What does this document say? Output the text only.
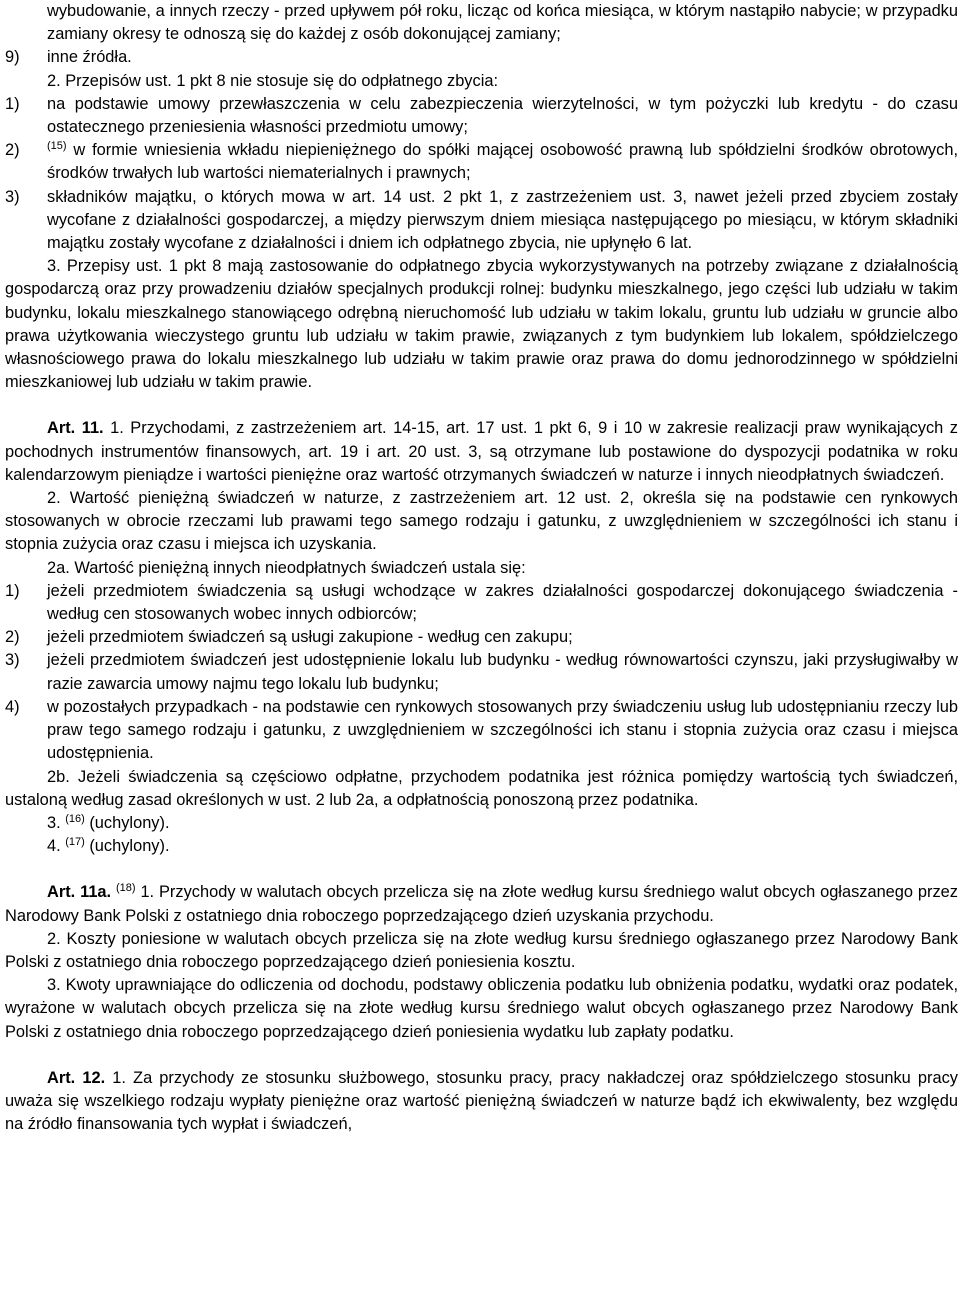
wybudowanie, a innych rzeczy - przed upływem pół roku, licząc od końca miesiąca, w którym nastąpiło nabycie; w przypadku zamiany okresy te odnoszą się do każdej z osób dokonującej zamiany;

9)	inne źródła.

2. Przepisów ust. 1 pkt 8 nie stosuje się do odpłatnego zbycia:

1)	na podstawie umowy przewłaszczenia w celu zabezpieczenia wierzytelności, w tym pożyczki lub kredytu - do czasu ostatecznego przeniesienia własności przedmiotu umowy;
2)	$^{(15)}$ w formie wniesienia wkładu niepieniężnego do spółki mającej osobowość prawną lub spółdzielni środków obrotowych, środków trwałych lub wartości niematerialnych i prawnych;
3)	składników majątku, o których mowa w art. 14 ust. 2 pkt 1, z zastrzeżeniem ust. 3, nawet jeżeli przed zbyciem zostały wycofane z działalności gospodarczej, a między pierwszym dniem miesiąca następującego po miesiącu, w którym składniki majątku zostały wycofane z działalności i dniem ich odpłatnego zbycia, nie upłynęło 6 lat.

3. Przepisy ust. 1 pkt 8 mają zastosowanie do odpłatnego zbycia wykorzystywanych na potrzeby związane z działalnością gospodarczą oraz przy prowadzeniu działów specjalnych produkcji rolnej: budynku mieszkalnego, jego części lub udziału w takim budynku, lokalu mieszkalnego stanowiącego odrębną nieruchomość lub udziału w takim lokalu, gruntu lub udziału w gruncie albo prawa użytkowania wieczystego gruntu lub udziału w takim prawie, związanych z tym budynkiem lub lokalem, spółdzielczego własnościowego prawa do lokalu mieszkalnego lub udziału w takim prawie oraz prawa do domu jednorodzinnego w spółdzielni mieszkaniowej lub udziału w takim prawie.

Art. 11. 1. Przychodami, z zastrzeżeniem art. 14-15, art. 17 ust. 1 pkt 6, 9 i 10 w zakresie realizacji praw wynikających z pochodnych instrumentów finansowych, art. 19 i art. 20 ust. 3, są otrzymane lub postawione do dyspozycji podatnika w roku kalendarzowym pieniądze i wartości pieniężne oraz wartość otrzymanych świadczeń w naturze i innych nieodpłatnych świadczeń.

2. Wartość pieniężną świadczeń w naturze, z zastrzeżeniem art. 12 ust. 2, określa się na podstawie cen rynkowych stosowanych w obrocie rzeczami lub prawami tego samego rodzaju i gatunku, z uwzględnieniem w szczególności ich stanu i stopnia zużycia oraz czasu i miejsca ich uzyskania.

2a. Wartość pieniężną innych nieodpłatnych świadczeń ustala się:

1)	jeżeli przedmiotem świadczenia są usługi wchodzące w zakres działalności gospodarczej dokonującego świadczenia - według cen stosowanych wobec innych odbiorców;
2)	jeżeli przedmiotem świadczeń są usługi zakupione - według cen zakupu;
3)	jeżeli przedmiotem świadczeń jest udostępnienie lokalu lub budynku - według równowartości czynszu, jaki przysługiwałby w razie zawarcia umowy najmu tego lokalu lub budynku;
4)	w pozostałych przypadkach - na podstawie cen rynkowych stosowanych przy świadczeniu usług lub udostępnianiu rzeczy lub praw tego samego rodzaju i gatunku, z uwzględnieniem w szczególności ich stanu i stopnia zużycia oraz czasu i miejsca udostępnienia.

2b. Jeżeli świadczenia są częściowo odpłatne, przychodem podatnika jest różnica pomiędzy wartością tych świadczeń, ustaloną według zasad określonych w ust. 2 lub 2a, a odpłatnością ponoszoną przez podatnika.

3. $^{(16)}$ (uchylony).

4. $^{(17)}$ (uchylony).

Art. 11a. $^{(18)}$ 1. Przychody w walutach obcych przelicza się na złote według kursu średniego walut obcych ogłaszanego przez Narodowy Bank Polski z ostatniego dnia roboczego poprzedzającego dzień uzyskania przychodu.

2. Koszty poniesione w walutach obcych przelicza się na złote według kursu średniego ogłaszanego przez Narodowy Bank Polski z ostatniego dnia roboczego poprzedzającego dzień poniesienia kosztu.

3. Kwoty uprawniające do odliczenia od dochodu, podstawy obliczenia podatku lub obniżenia podatku, wydatki oraz podatek, wyrażone w walutach obcych przelicza się na złote według kursu średniego walut obcych ogłaszanego przez Narodowy Bank Polski z ostatniego dnia roboczego poprzedzającego dzień poniesienia wydatku lub zapłaty podatku.

Art. 12. 1. Za przychody ze stosunku służbowego, stosunku pracy, pracy nakładczej oraz spółdzielczego stosunku pracy uważa się wszelkiego rodzaju wypłaty pieniężne oraz wartość pieniężną świadczeń w naturze bądź ich ekwiwalenty, bez względu na źródło finansowania tych wypłat i świadczeń,
